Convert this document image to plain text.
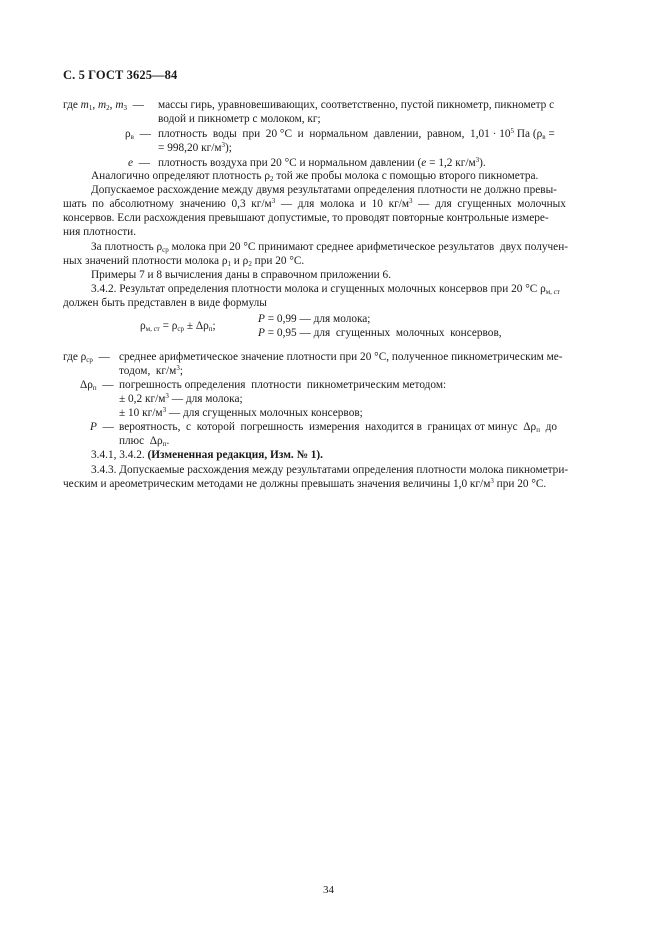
С. 5 ГОСТ 3625—84
где $m_1$, $m_2$, $m_3$  — массы гирь, уравновешивающих, соответственно, пустой пикнометр, пикнометр с
водой и пикнометр с молоком, кг;
$\rho_в$  — плотность  воды  при  20 °С  и  нормальном  давлении,  равном,  $1,01 \cdot 10^5$ Па ($\rho_в$ =
= 998,20 $кг/м^3$);
e  — плотность воздуха при 20 °С и нормальном давлении (e = 1,2 $кг/м^3$).
Аналогично определяют плотность $\rho_2$ той же пробы молока с помощью второго пикнометра.
Допускаемое расхождение между двумя результатами определения плотности не должно превы-
шать  по  абсолютному  значению  0,3  $кг/м^3$  —  для  молока  и  10  $кг/м^3$  —  для  сгущенных  молочных
консервов. Если расхождения превышают допустимые, то проводят повторные контрольные измере-
ния плотности.
За плотность $\rho_{ср}$ молока при 20 °С принимают среднее арифметическое результатов  двух получен-
ных значений плотности молока $\rho_1$ и $\rho_2$ при 20 °С.
Примеры 7 и 8 вычисления даны в справочном приложении 6.
3.4.2. Результат определения плотности молока и сгущенных молочных консервов при 20 °С $\rho_{м, ст}$
должен быть представлен в виде формулы
$\rho_{м, ст} = \rho_{ср} \pm \Delta\rho_п$;
P = 0,99 — для молока;
P = 0,95 — для  сгущенных  молочных  консервов,
где $\rho_{ср}$  — среднее арифметическое значение плотности при 20 °С, полученное пикнометрическим ме-
тодом,  $кг/м^3$;
$\Delta\rho_п$  — погрешность определения  плотности  пикнометрическим методом:
± 0,2 $кг/м^3$ — для молока;
± 10 $кг/м^3$ — для сгущенных молочных консервов;
P  — вероятность,  с  которой  погрешность  измерения  находится в  границах от минус  $\Delta\rho_п$  до
плюс  $\Delta\rho_п$.
3.4.1, 3.4.2. (Измененная редакция, Изм. № 1).
3.4.3. Допускаемые расхождения между результатами определения плотности молока пикнометри-
ческим и ареометрическим методами не должны превышать значения величины 1,0 $кг/м^3$ при 20 °С.
34
